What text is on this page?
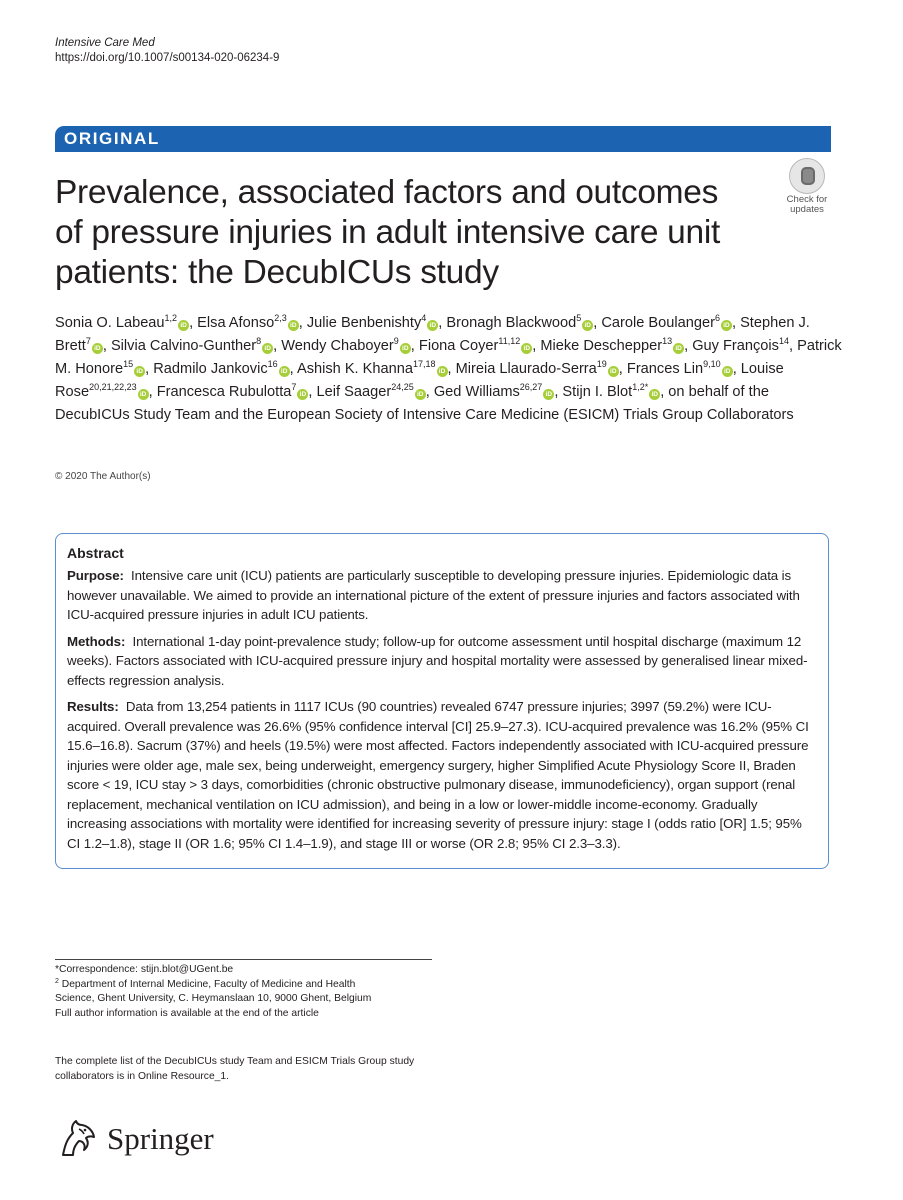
Intensive Care Med
https://doi.org/10.1007/s00134-020-06234-9
ORIGINAL
Prevalence, associated factors and outcomes
of pressure injuries in adult intensive care unit
patients: the DecubICUs study
Check for
updates

Sonia O. Labeau$^{1,2}$iD , Elsa Afonso$^{2,3}$iD , Julie Benbenishty$^4$iD , Bronagh Blackwood$^5$iD , Carole Boulanger$^6$iD , Stephen J. Brett$^7$iD , Silvia Calvino-Gunther$^8$iD , Wendy Chaboyer$^9$iD , Fiona Coyer$^{11,12}$iD , Mieke Deschepper$^{13}$iD , Guy François$^{14}$, Patrick M. Honore$^{15}$iD , Radmilo Jankovic$^{16}$iD , Ashish K. Khanna$^{17,18}$iD , Mireia Llaurado-Serra$^{19}$iD , Frances Lin$^{9,10}$iD , Louise Rose$^{20,21,22,23}$iD , Francesca Rubulotta$^7$iD , Leif Saager$^{24,25}$iD , Ged Williams$^{26,27}$iD , Stijn I. Blot$^{1,2*}$iD , on behalf of the DecubICUs Study Team and the European Society of Intensive Care Medicine (ESICM) Trials Group Collaborators

© 2020 The Author(s)

Abstract

Purpose: Intensive care unit (ICU) patients are particularly susceptible to developing pressure injuries. Epidemiologic data is however unavailable. We aimed to provide an international picture of the extent of pressure injuries and factors associated with ICU-acquired pressure injuries in adult ICU patients.

Methods: International 1-day point-prevalence study; follow-up for outcome assessment until hospital discharge (maximum 12 weeks). Factors associated with ICU-acquired pressure injury and hospital mortality were assessed by generalised linear mixed-effects regression analysis.

Results: Data from 13,254 patients in 1117 ICUs (90 countries) revealed 6747 pressure injuries; 3997 (59.2%) were ICU-acquired. Overall prevalence was 26.6% (95% confidence interval [CI] 25.9–27.3). ICU-acquired prevalence was 16.2% (95% CI 15.6–16.8). Sacrum (37%) and heels (19.5%) were most affected. Factors independently associated with ICU-acquired pressure injuries were older age, male sex, being underweight, emergency surgery, higher Simplified Acute Physiology Score II, Braden score < 19, ICU stay > 3 days, comorbidities (chronic obstructive pulmonary disease, immunodeficiency), organ support (renal replacement, mechanical ventilation on ICU admission), and being in a low or lower-middle income-economy. Gradually increasing associations with mortality were identified for increasing severity of pressure injury: stage I (odds ratio [OR] 1.5; 95% CI 1.2–1.8), stage II (OR 1.6; 95% CI 1.4–1.9), and stage III or worse (OR 2.8; 95% CI 2.3–3.3).

*Correspondence: stijn.blot@UGent.be

$^2$ Department of Internal Medicine, Faculty of Medicine and Health
Science, Ghent University, C. Heymanslaan 10, 9000 Ghent, Belgium

Full author information is available at the end of the article

The complete list of the DecubICUs study Team and ESICM Trials Group study collaborators is in Online Resource_1.

Springer
